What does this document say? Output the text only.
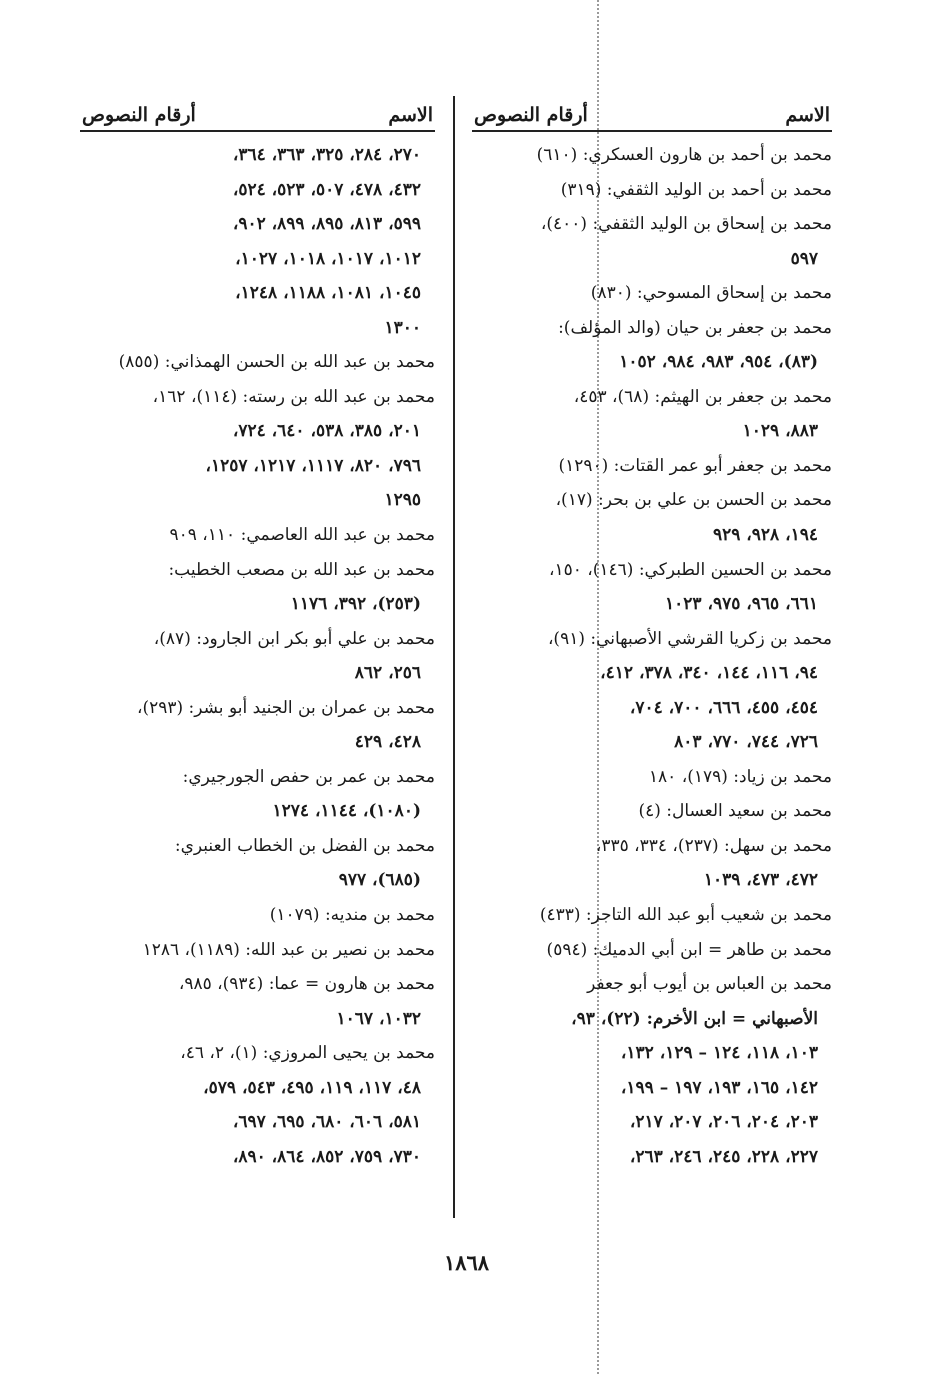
الاسم
أرقام النصوص
محمد بن أحمد بن هارون العسكري: (٦١٠)
محمد بن أحمد بن الوليد الثقفي: (٣١٩)
محمد بن إسحاق بن الوليد الثقفي: (٤٠٠)،
٥٩٧
محمد بن إسحاق المسوحي: (٨٣٠)
محمد بن جعفر بن حيان (والد المؤلف):
(٨٣)، ٩٥٤، ٩٨٣، ٩٨٤، ١٠٥٢
محمد بن جعفر بن الهيثم: (٦٨)، ٤٥٣،
٨٨٣، ١٠٢٩
محمد بن جعفر أبو عمر القتات: (١٢٩٠)
محمد بن الحسن بن علي بن بحر: (١٧)،
١٩٤، ٩٢٨، ٩٢٩
محمد بن الحسين الطبركي: (١٤٦)، ١٥٠،
٦٦١، ٩٦٥، ٩٧٥، ١٠٢٣
محمد بن زكريا القرشي الأصبهاني: (٩١)،
٩٤، ١١٦، ١٤٤، ٣٤٠، ٣٧٨، ٤١٢،
٤٥٤، ٤٥٥، ٦٦٦، ٧٠٠، ٧٠٤،
٧٢٦، ٧٤٤، ٧٧٠، ٨٠٣
محمد بن زياد: (١٧٩)، ١٨٠
محمد بن سعيد العسال: (٤)
محمد بن سهل: (٢٣٧)، ٣٣٤، ٣٣٥،
٤٧٢، ٤٧٣، ١٠٣٩
محمد بن شعيب أبو عبد الله التاجر: (٤٣٣)
محمد بن طاهر = ابن أبي الدميك: (٥٩٤)
محمد بن العباس بن أيوب أبو جعفر
الأصبهاني = ابن الأخرم: (٢٢)، ٩٣،
١٠٣، ١١٨، ١٢٤ – ١٢٩، ١٣٢،
١٤٢، ١٦٥، ١٩٣، ١٩٧ – ١٩٩،
٢٠٣، ٢٠٤، ٢٠٦، ٢٠٧، ٢١٧،
٢٢٧، ٢٢٨، ٢٤٥، ٢٤٦، ٢٦٣،
الاسم
أرقام النصوص
٢٧٠، ٢٨٤، ٣٢٥، ٣٦٣، ٣٦٤،
٤٣٢، ٤٧٨، ٥٠٧، ٥٢٣، ٥٢٤،
٥٩٩، ٨١٣، ٨٩٥، ٨٩٩، ٩٠٢،
١٠١٢، ١٠١٧، ١٠١٨، ١٠٢٧،
١٠٤٥، ١٠٨١، ١١٨٨، ١٢٤٨،
١٣٠٠
محمد بن عبد الله بن الحسن الهمذاني: (٨٥٥)
محمد بن عبد الله بن رسته: (١١٤)، ١٦٢،
٢٠١، ٣٨٥، ٥٣٨، ٦٤٠، ٧٢٤،
٧٩٦، ٨٢٠، ١١١٧، ١٢١٧، ١٢٥٧،
١٢٩٥
محمد بن عبد الله العاصمي: ١١٠، ٩٠٩
محمد بن عبد الله بن مصعب الخطيب:
(٢٥٣)، ٣٩٢، ١١٧٦
محمد بن علي أبو بكر ابن الجارود: (٨٧)،
٢٥٦، ٨٦٢
محمد بن عمران بن الجنيد أبو بشر: (٢٩٣)،
٤٢٨، ٤٢٩
محمد بن عمر بن حفص الجورجيري:
(١٠٨٠)، ١١٤٤، ١٢٧٤
محمد بن الفضل بن الخطاب العنبري:
(٦٨٥)، ٩٧٧
محمد بن منديه: (١٠٧٩)
محمد بن نصير بن عبد الله: (١١٨٩)، ١٢٨٦
محمد بن هارون = عما: (٩٣٤)، ٩٨٥،
١٠٣٢، ١٠٦٧
محمد بن يحيى المروزي: (١)، ٢، ٤٦،
٤٨، ١١٧، ١١٩، ٤٩٥، ٥٤٣، ٥٧٩،
٥٨١، ٦٠٦، ٦٨٠، ٦٩٥، ٦٩٧،
٧٣٠، ٧٥٩، ٨٥٢، ٨٦٤، ٨٩٠،
١٨٦٨
